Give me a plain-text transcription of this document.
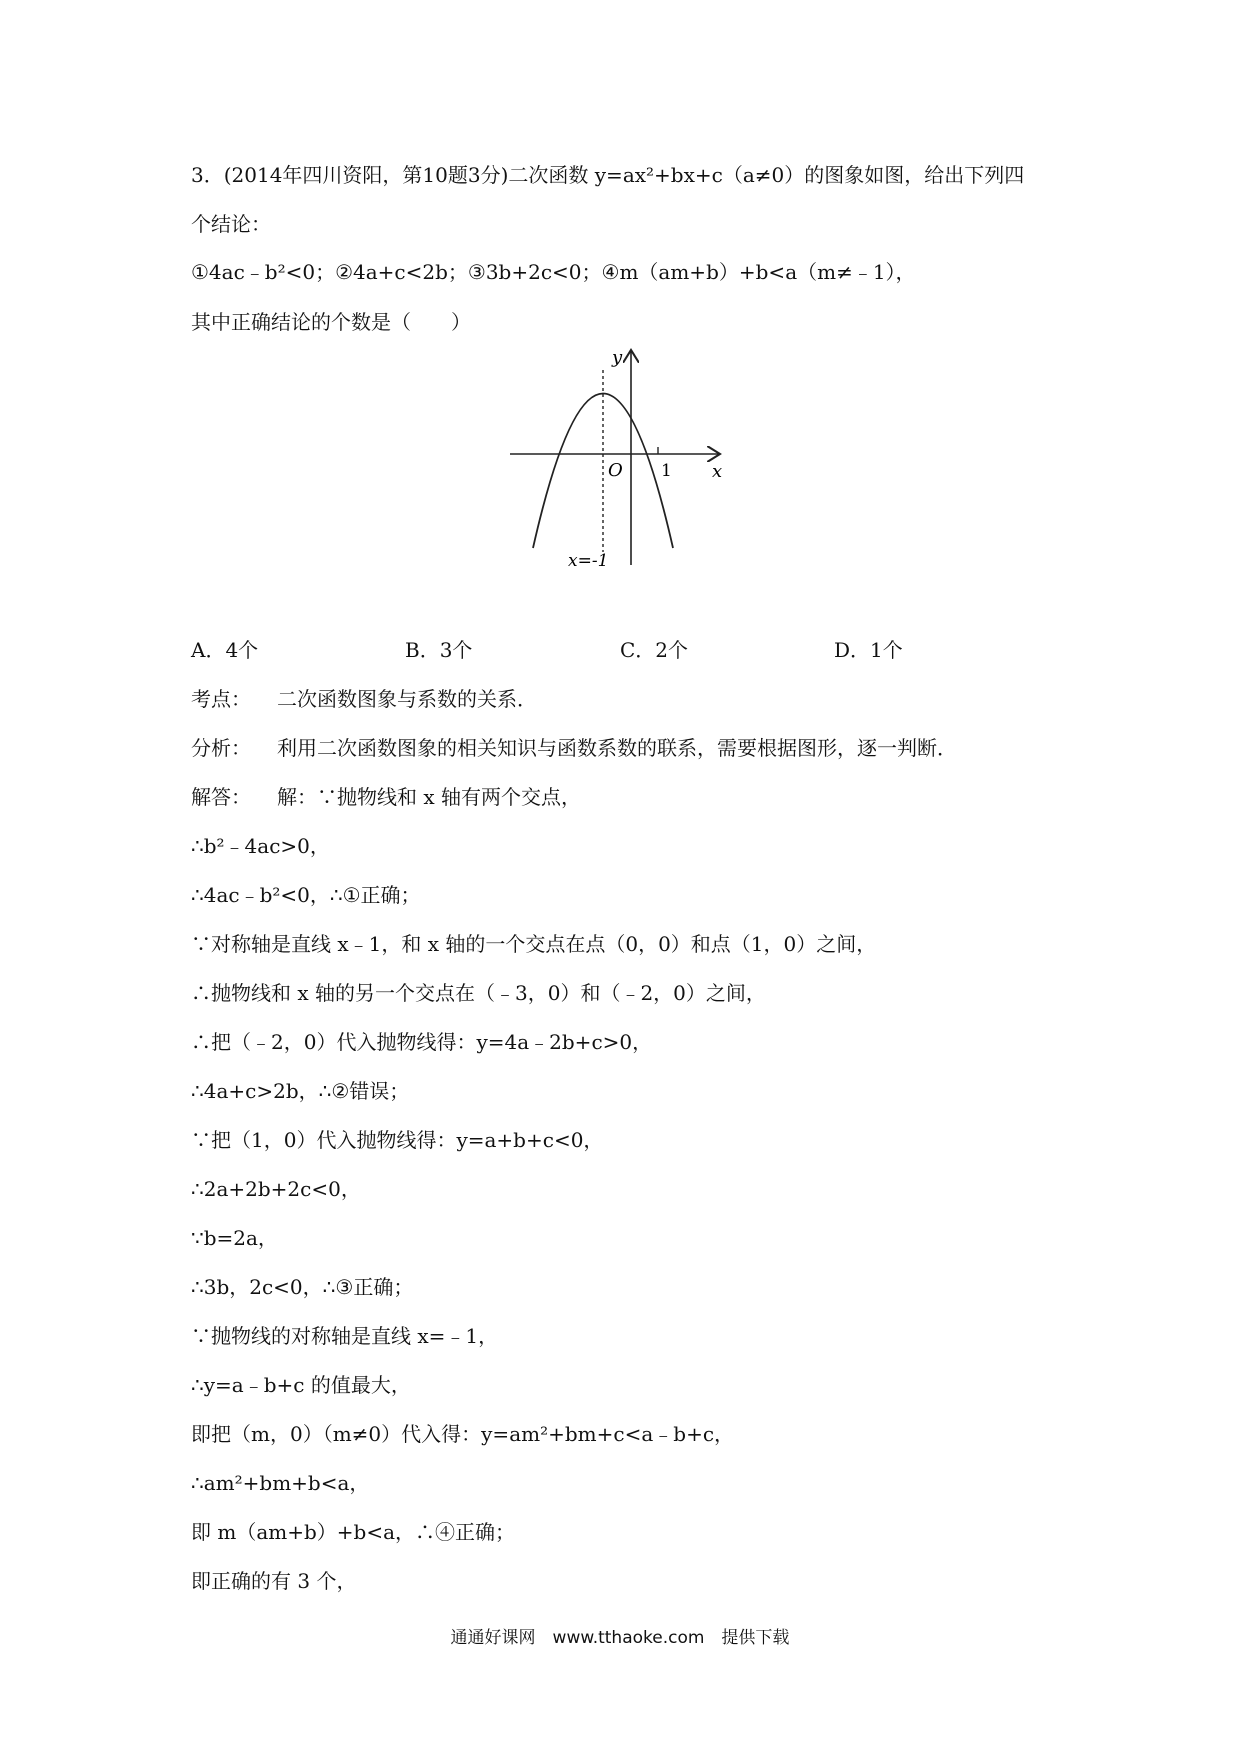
3．(2014年四川资阳，第10题3分)二次函数 y=ax²+bx+c（a≠0）的图象如图，给出下列四
个结论：
①4ac﹣b²<0；②4a+c<2b；③3b+2c<0；④m（am+b）+b<a（m≠﹣1），
其中正确结论的个数是（　　）
y
x
O 1
x=-1
A．4个	B．3个	C．2个	D．1个
考点： 二次函数图象与系数的关系．
分析： 利用二次函数图象的相关知识与函数系数的联系，需要根据图形，逐一判断．
解答： 解：∵抛物线和 x 轴有两个交点，
∴b²﹣4ac>0，
∴4ac﹣b²<0，∴①正确；
∵对称轴是直线 x﹣1，和 x 轴的一个交点在点（0，0）和点（1，0）之间，
∴抛物线和 x 轴的另一个交点在（﹣3，0）和（﹣2，0）之间，
∴把（﹣2，0）代入抛物线得：y=4a﹣2b+c>0，
∴4a+c>2b，∴②错误；
∵把（1，0）代入抛物线得：y=a+b+c<0，
∴2a+2b+2c<0，
∵b=2a，
∴3b，2c<0，∴③正确；
∵抛物线的对称轴是直线 x=﹣1，
∴y=a﹣b+c 的值最大，
即把（m，0）（m≠0）代入得：y=am²+bm+c<a﹣b+c，
∴am²+bm+b<a，
即 m（am+b）+b<a，∴④正确；
即正确的有 3 个，
通通好课网　www.tthaoke.com　提供下载
